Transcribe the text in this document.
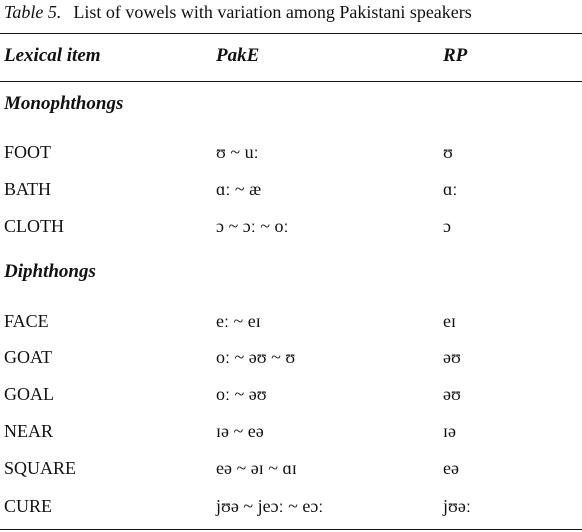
Table 5. List of vowels with variation among Pakistani speakers
Lexical item	PakE	RP
Monophthongs
FOOT	ʊ ~ uː	ʊ
BATH	ɑː ~ æ	ɑː
CLOTH	ɔ ~ ɔː ~ oː	ɔ
Diphthongs
FACE	eː ~ eɪ	eɪ
GOAT	oː ~ əʊ ~ ʊ	əʊ
GOAL	oː ~ əʊ	əʊ
NEAR	ɪə ~ eə	ɪə
SQUARE	eə ~ əɪ ~ ɑɪ	eə
CURE	jʊə ~ jeɔː ~ eɔː	jʊəː
